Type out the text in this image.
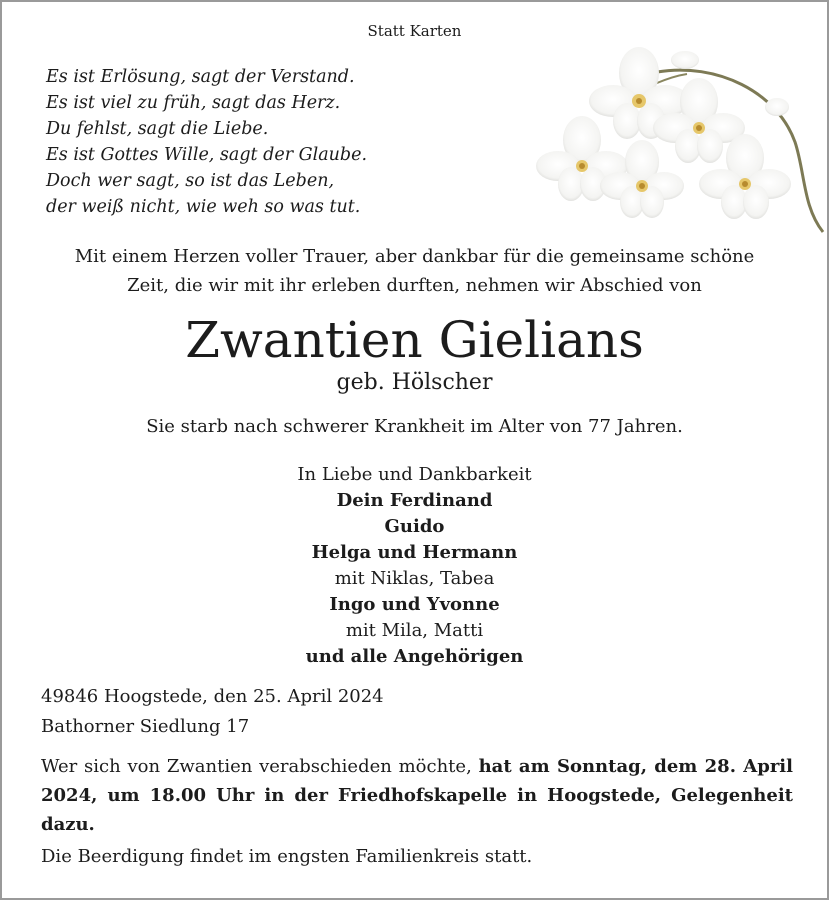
Statt Karten
Es ist Erlösung, sagt der Verstand.
Es ist viel zu früh, sagt das Herz.
Du fehlst, sagt die Liebe.
Es ist Gottes Wille, sagt der Glaube.
Doch wer sagt, so ist das Leben,
der weiß nicht, wie weh so was tut.
Mit einem Herzen voller Trauer, aber dankbar für die gemeinsame schöne
Zeit, die wir mit ihr erleben durften, nehmen wir Abschied von
Zwantien Gielians
geb. Hölscher
Sie starb nach schwerer Krankheit im Alter von 77 Jahren.
In Liebe und Dankbarkeit
Dein Ferdinand
Guido
Helga und Hermann
mit Niklas, Tabea
Ingo und Yvonne
mit Mila, Matti
und alle Angehörigen
49846 Hoogstede, den 25. April 2024
Bathorner Siedlung 17
Wer sich von Zwantien verabschieden möchte, hat am Sonntag, dem 28. April 2024, um 18.00 Uhr in der Friedhofskapelle in Hoogstede, Gelegenheit dazu.
Die Beerdigung findet im engsten Familienkreis statt.
